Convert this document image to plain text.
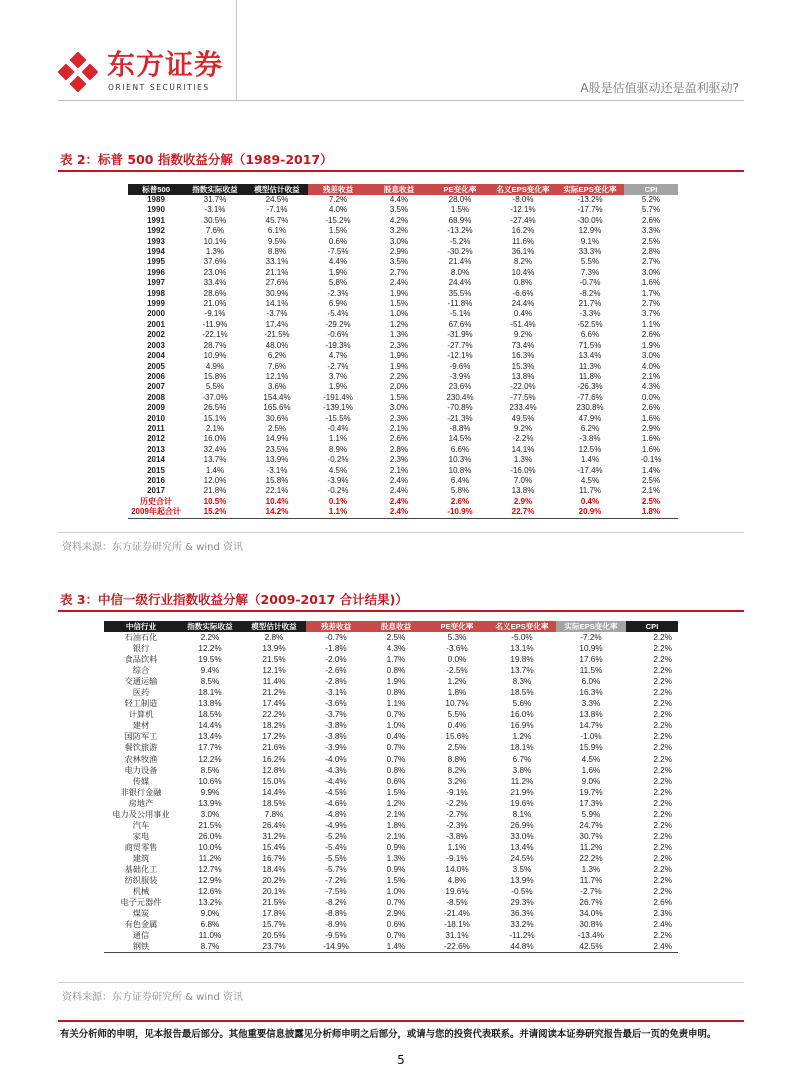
东方证券
ORIENT SECURITIES	A股是估值驱动还是盈利驱动?
表 2：标普 500 指数收益分解（1989-2017）
标普500	指数实际收益	模型估计收益	残差收益	股息收益	PE变化率	名义EPS变化率	实际EPS变化率	CPI
1989	31.7%	24.5%	7.2%	4.4%	28.0%	-8.0%	-13.2%	5.2%
1990	-3.1%	-7.1%	4.0%	3.5%	1.5%	-12.1%	-17.7%	5.7%
1991	30.5%	45.7%	-15.2%	4.2%	68.9%	-27.4%	-30.0%	2.6%
1992	7.6%	6.1%	1.5%	3.2%	-13.2%	16.2%	12.9%	3.3%
1993	10.1%	9.5%	0.6%	3.0%	-5.2%	11.6%	9.1%	2.5%
1994	1.3%	8.8%	-7.5%	2.9%	-30.2%	36.1%	33.3%	2.8%
1995	37.6%	33.1%	4.4%	3.5%	21.4%	8.2%	5.5%	2.7%
1996	23.0%	21.1%	1.9%	2.7%	8.0%	10.4%	7.3%	3.0%
1997	33.4%	27.6%	5.8%	2.4%	24.4%	0.8%	-0.7%	1.6%
1998	28.6%	30.9%	-2.3%	1.9%	35.5%	-6.6%	-8.2%	1.7%
1999	21.0%	14.1%	6.9%	1.5%	-11.8%	24.4%	21.7%	2.7%
2000	-9.1%	-3.7%	-5.4%	1.0%	-5.1%	0.4%	-3.3%	3.7%
2001	-11.9%	17.4%	-29.2%	1.2%	67.6%	-51.4%	-52.5%	1.1%
2002	-22.1%	-21.5%	-0.6%	1.3%	-31.9%	9.2%	6.6%	2.6%
2003	28.7%	48.0%	-19.3%	2.3%	-27.7%	73.4%	71.5%	1.9%
2004	10.9%	6.2%	4.7%	1.9%	-12.1%	16.3%	13.4%	3.0%
2005	4.9%	7.6%	-2.7%	1.9%	-9.6%	15.3%	11.3%	4.0%
2006	15.8%	12.1%	3.7%	2.2%	-3.9%	13.8%	11.8%	2.1%
2007	5.5%	3.6%	1.9%	2.0%	23.6%	-22.0%	-26.3%	4.3%
2008	-37.0%	154.4%	-191.4%	1.5%	230.4%	-77.5%	-77.6%	0.0%
2009	26.5%	165.6%	-139.1%	3.0%	-70.8%	233.4%	230.8%	2.6%
2010	15.1%	30.6%	-15.5%	2.3%	-21.3%	49.5%	47.9%	1.6%
2011	2.1%	2.5%	-0.4%	2.1%	-8.8%	9.2%	6.2%	2.9%
2012	16.0%	14.9%	1.1%	2.6%	14.5%	-2.2%	-3.8%	1.6%
2013	32.4%	23.5%	8.9%	2.8%	6.6%	14.1%	12.5%	1.6%
2014	13.7%	13.9%	-0.2%	2.3%	10.3%	1.3%	1.4%	-0.1%
2015	1.4%	-3.1%	4.5%	2.1%	10.8%	-16.0%	-17.4%	1.4%
2016	12.0%	15.8%	-3.9%	2.4%	6.4%	7.0%	4.5%	2.5%
2017	21.8%	22.1%	-0.2%	2.4%	5.8%	13.8%	11.7%	2.1%
历史合计	10.5%	10.4%	0.1%	2.4%	2.6%	2.9%	0.4%	2.5%
2009年起合计	15.2%	14.2%	1.1%	2.4%	-10.9%	22.7%	20.9%	1.8%
资料来源：东方证券研究所 & wind 资讯
表 3：中信一级行业指数收益分解（2009-2017 合计结果)）
中信行业	指数实际收益	模型估计收益	残差收益	股息收益	PE变化率	名义EPS变化率	实际EPS变化率	CPI
石油石化	2.2%	2.8%	-0.7%	2.5%	5.3%	-5.0%	-7.2%	2.2%
银行	12.2%	13.9%	-1.8%	4.3%	-3.6%	13.1%	10.9%	2.2%
食品饮料	19.5%	21.5%	-2.0%	1.7%	0.0%	19.8%	17.6%	2.2%
综合	9.4%	12.1%	-2.6%	0.8%	-2.5%	13.7%	11.5%	2.2%
交通运输	8.5%	11.4%	-2.8%	1.9%	1.2%	8.3%	6.0%	2.2%
医药	18.1%	21.2%	-3.1%	0.8%	1.8%	18.5%	16.3%	2.2%
轻工制造	13.8%	17.4%	-3.6%	1.1%	10.7%	5.6%	3.3%	2.2%
计算机	18.5%	22.2%	-3.7%	0.7%	5.5%	16.0%	13.8%	2.2%
建材	14.4%	18.2%	-3.8%	1.0%	0.4%	16.9%	14.7%	2.2%
国防军工	13.4%	17.2%	-3.8%	0.4%	15.6%	1.2%	-1.0%	2.2%
餐饮旅游	17.7%	21.6%	-3.9%	0.7%	2.5%	18.1%	15.9%	2.2%
农林牧渔	12.2%	16.2%	-4.0%	0.7%	8.8%	6.7%	4.5%	2.2%
电力设备	8.5%	12.8%	-4.3%	0.8%	8.2%	3.8%	1.6%	2.2%
传媒	10.6%	15.0%	-4.4%	0.6%	3.2%	11.2%	9.0%	2.2%
非银行金融	9.9%	14.4%	-4.5%	1.5%	-9.1%	21.9%	19.7%	2.2%
房地产	13.9%	18.5%	-4.6%	1.2%	-2.2%	19.6%	17.3%	2.2%
电力及公用事业	3.0%	7.8%	-4.8%	2.1%	-2.7%	8.1%	5.9%	2.2%
汽车	21.5%	26.4%	-4.9%	1.8%	-2.3%	26.9%	24.7%	2.2%
家电	26.0%	31.2%	-5.2%	2.1%	-3.8%	33.0%	30.7%	2.2%
商贸零售	10.0%	15.4%	-5.4%	0.9%	1.1%	13.4%	11.2%	2.2%
建筑	11.2%	16.7%	-5.5%	1.3%	-9.1%	24.5%	22.2%	2.2%
基础化工	12.7%	18.4%	-5.7%	0.9%	14.0%	3.5%	1.3%	2.2%
纺织服装	12.9%	20.2%	-7.2%	1.5%	4.8%	13.9%	11.7%	2.2%
机械	12.6%	20.1%	-7.5%	1.0%	19.6%	-0.5%	-2.7%	2.2%
电子元器件	13.2%	21.5%	-8.2%	0.7%	-8.5%	29.3%	26.7%	2.6%
煤炭	9.0%	17.8%	-8.8%	2.9%	-21.4%	36.3%	34.0%	2.3%
有色金属	6.8%	15.7%	-8.9%	0.6%	-18.1%	33.2%	30.8%	2.4%
通信	11.0%	20.5%	-9.5%	0.7%	31.1%	-11.2%	-13.4%	2.2%
钢铁	8.7%	23.7%	-14.9%	1.4%	-22.6%	44.8%	42.5%	2.4%
资料来源：东方证券研究所 & wind 资讯
有关分析师的申明，见本报告最后部分。其他重要信息披露见分析师申明之后部分，或请与您的投资代表联系。并请阅读本证券研究报告最后一页的免责申明。
5
